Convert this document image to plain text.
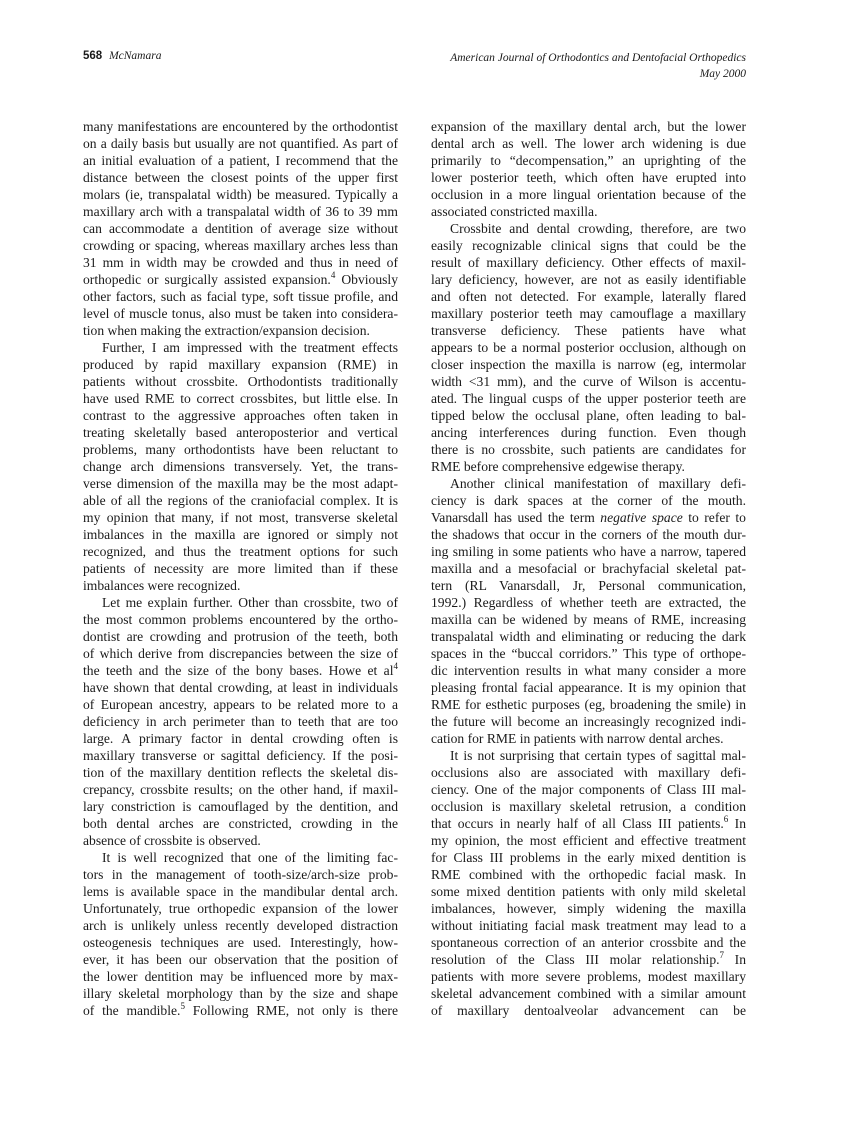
568 McNamara	American Journal of Orthodontics and Dentofacial Orthopedics
May 2000
many manifestations are encountered by the orthodontist
on a daily basis but usually are not quantified. As part of
an initial evaluation of a patient, I recommend that the
distance between the closest points of the upper first
molars (ie, transpalatal width) be measured. Typically a
maxillary arch with a transpalatal width of 36 to 39 mm
can accommodate a dentition of average size without
crowding or spacing, whereas maxillary arches less than
31 mm in width may be crowded and thus in need of
orthopedic or surgically assisted expansion.$^4$ Obviously
other factors, such as facial type, soft tissue profile, and
level of muscle tonus, also must be taken into considera-
tion when making the extraction/expansion decision.
Further, I am impressed with the treatment effects
produced by rapid maxillary expansion (RME) in
patients without crossbite. Orthodontists traditionally
have used RME to correct crossbites, but little else. In
contrast to the aggressive approaches often taken in
treating skeletally based anteroposterior and vertical
problems, many orthodontists have been reluctant to
change arch dimensions transversely. Yet, the trans-
verse dimension of the maxilla may be the most adapt-
able of all the regions of the craniofacial complex. It is
my opinion that many, if not most, transverse skeletal
imbalances in the maxilla are ignored or simply not
recognized, and thus the treatment options for such
patients of necessity are more limited than if these
imbalances were recognized.
Let me explain further. Other than crossbite, two of
the most common problems encountered by the ortho-
dontist are crowding and protrusion of the teeth, both
of which derive from discrepancies between the size of
the teeth and the size of the bony bases. Howe et $al^4$
have shown that dental crowding, at least in individuals
of European ancestry, appears to be related more to a
deficiency in arch perimeter than to teeth that are too
large. A primary factor in dental crowding often is
maxillary transverse or sagittal deficiency. If the posi-
tion of the maxillary dentition reflects the skeletal dis-
crepancy, crossbite results; on the other hand, if maxil-
lary constriction is camouflaged by the dentition, and
both dental arches are constricted, crowding in the
absence of crossbite is observed.
It is well recognized that one of the limiting fac-
tors in the management of tooth-size/arch-size prob-
lems is available space in the mandibular dental arch.
Unfortunately, true orthopedic expansion of the lower
arch is unlikely unless recently developed distraction
osteogenesis techniques are used. Interestingly, how-
ever, it has been our observation that the position of
the lower dentition may be influenced more by max-
illary skeletal morphology than by the size and shape
of the mandible.$^5$ Following RME, not only is there
expansion of the maxillary dental arch, but the lower
dental arch as well. The lower arch widening is due
primarily to “decompensation,” an uprighting of the
lower posterior teeth, which often have erupted into
occlusion in a more lingual orientation because of the
associated constricted maxilla.
Crossbite and dental crowding, therefore, are two
easily recognizable clinical signs that could be the
result of maxillary deficiency. Other effects of maxil-
lary deficiency, however, are not as easily identifiable
and often not detected. For example, laterally flared
maxillary posterior teeth may camouflage a maxillary
transverse deficiency. These patients have what
appears to be a normal posterior occlusion, although on
closer inspection the maxilla is narrow (eg, intermolar
width <31 mm), and the curve of Wilson is accentu-
ated. The lingual cusps of the upper posterior teeth are
tipped below the occlusal plane, often leading to bal-
ancing interferences during function. Even though
there is no crossbite, such patients are candidates for
RME before comprehensive edgewise therapy.
Another clinical manifestation of maxillary defi-
ciency is dark spaces at the corner of the mouth.
Vanarsdall has used the term negative space to refer to
the shadows that occur in the corners of the mouth dur-
ing smiling in some patients who have a narrow, tapered
maxilla and a mesofacial or brachyfacial skeletal pat-
tern (RL Vanarsdall, Jr, Personal communication,
1992.) Regardless of whether teeth are extracted, the
maxilla can be widened by means of RME, increasing
transpalatal width and eliminating or reducing the dark
spaces in the “buccal corridors.” This type of orthope-
dic intervention results in what many consider a more
pleasing frontal facial appearance. It is my opinion that
RME for esthetic purposes (eg, broadening the smile) in
the future will become an increasingly recognized indi-
cation for RME in patients with narrow dental arches.
It is not surprising that certain types of sagittal mal-
occlusions also are associated with maxillary defi-
ciency. One of the major components of Class III mal-
occlusion is maxillary skeletal retrusion, a condition
that occurs in nearly half of all Class III patients.$^6$ In
my opinion, the most efficient and effective treatment
for Class III problems in the early mixed dentition is
RME combined with the orthopedic facial mask. In
some mixed dentition patients with only mild skeletal
imbalances, however, simply widening the maxilla
without initiating facial mask treatment may lead to a
spontaneous correction of an anterior crossbite and the
resolution of the Class III molar relationship.$^7$ In
patients with more severe problems, modest maxillary
skeletal advancement combined with a similar amount
of maxillary dentoalveolar advancement can be
